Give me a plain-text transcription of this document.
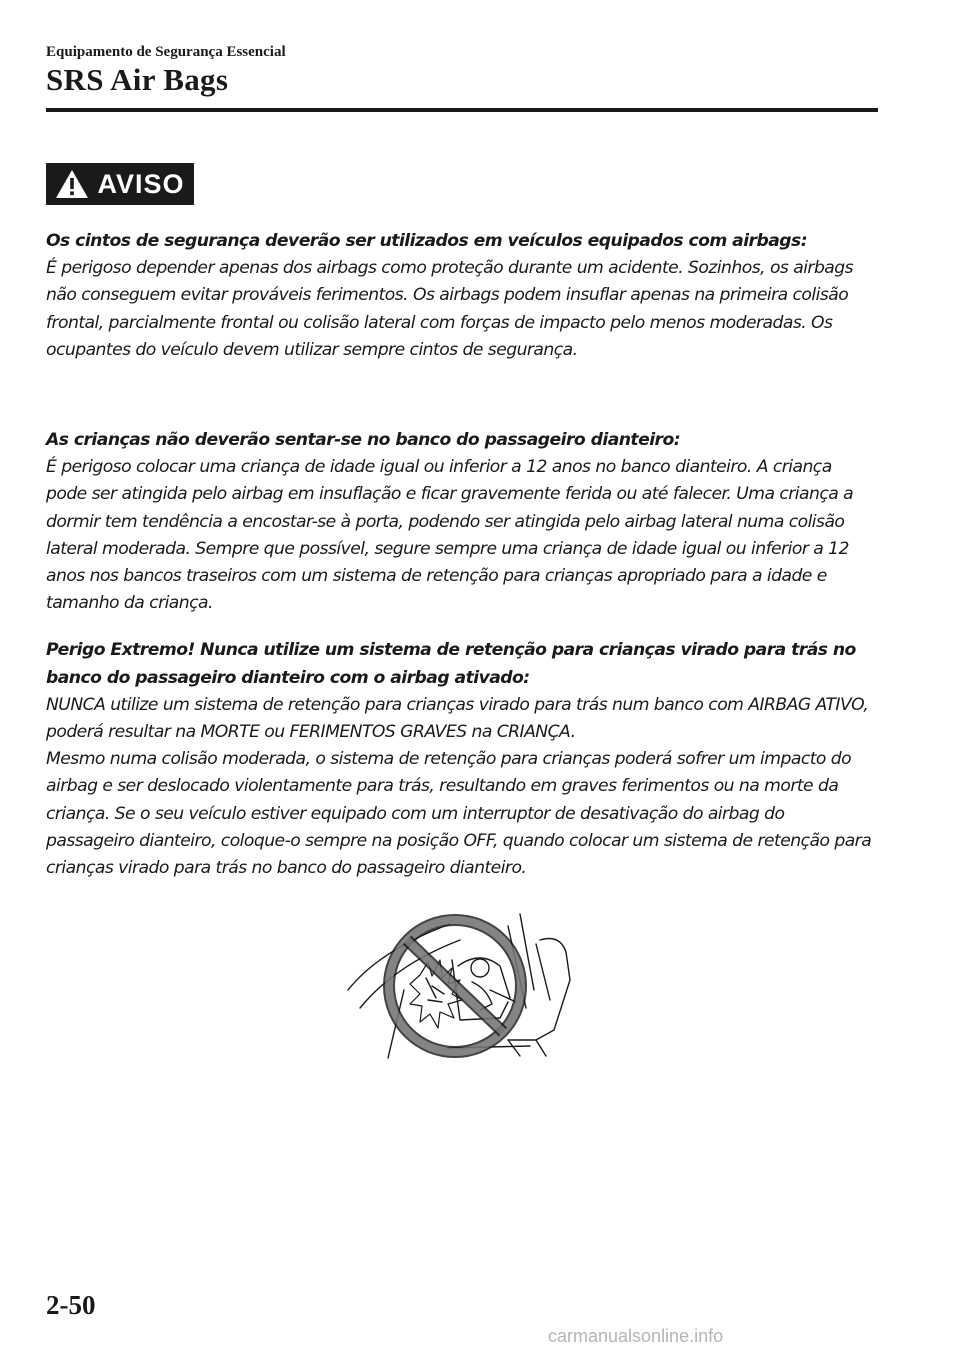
Equipamento de Segurança Essencial

SRS Air Bags
AVISO
Os cintos de segurança deverão ser utilizados em veículos equipados com airbags:
É perigoso depender apenas dos airbags como proteção durante um acidente. Sozinhos, os airbags não conseguem evitar prováveis ferimentos. Os airbags podem insuflar apenas na primeira colisão frontal, parcialmente frontal ou colisão lateral com forças de impacto pelo menos moderadas. Os ocupantes do veículo devem utilizar sempre cintos de segurança.
As crianças não deverão sentar-se no banco do passageiro dianteiro:
É perigoso colocar uma criança de idade igual ou inferior a 12 anos no banco dianteiro. A criança pode ser atingida pelo airbag em insuflação e ficar gravemente ferida ou até falecer. Uma criança a dormir tem tendência a encostar-se à porta, podendo ser atingida pelo airbag lateral numa colisão lateral moderada. Sempre que possível, segure sempre uma criança de idade igual ou inferior a 12 anos nos bancos traseiros com um sistema de retenção para crianças apropriado para a idade e tamanho da criança.
Perigo Extremo! Nunca utilize um sistema de retenção para crianças virado para trás no banco do passageiro dianteiro com o airbag ativado:
NUNCA utilize um sistema de retenção para crianças virado para trás num banco com AIRBAG ATIVO, poderá resultar na MORTE ou FERIMENTOS GRAVES na CRIANÇA.
Mesmo numa colisão moderada, o sistema de retenção para crianças poderá sofrer um impacto do airbag e ser deslocado violentamente para trás, resultando em graves ferimentos ou na morte da criança. Se o seu veículo estiver equipado com um interruptor de desativação do airbag do passageiro dianteiro, coloque-o sempre na posição OFF, quando colocar um sistema de retenção para crianças virado para trás no banco do passageiro dianteiro.

2-50

carmanualsonline.info
